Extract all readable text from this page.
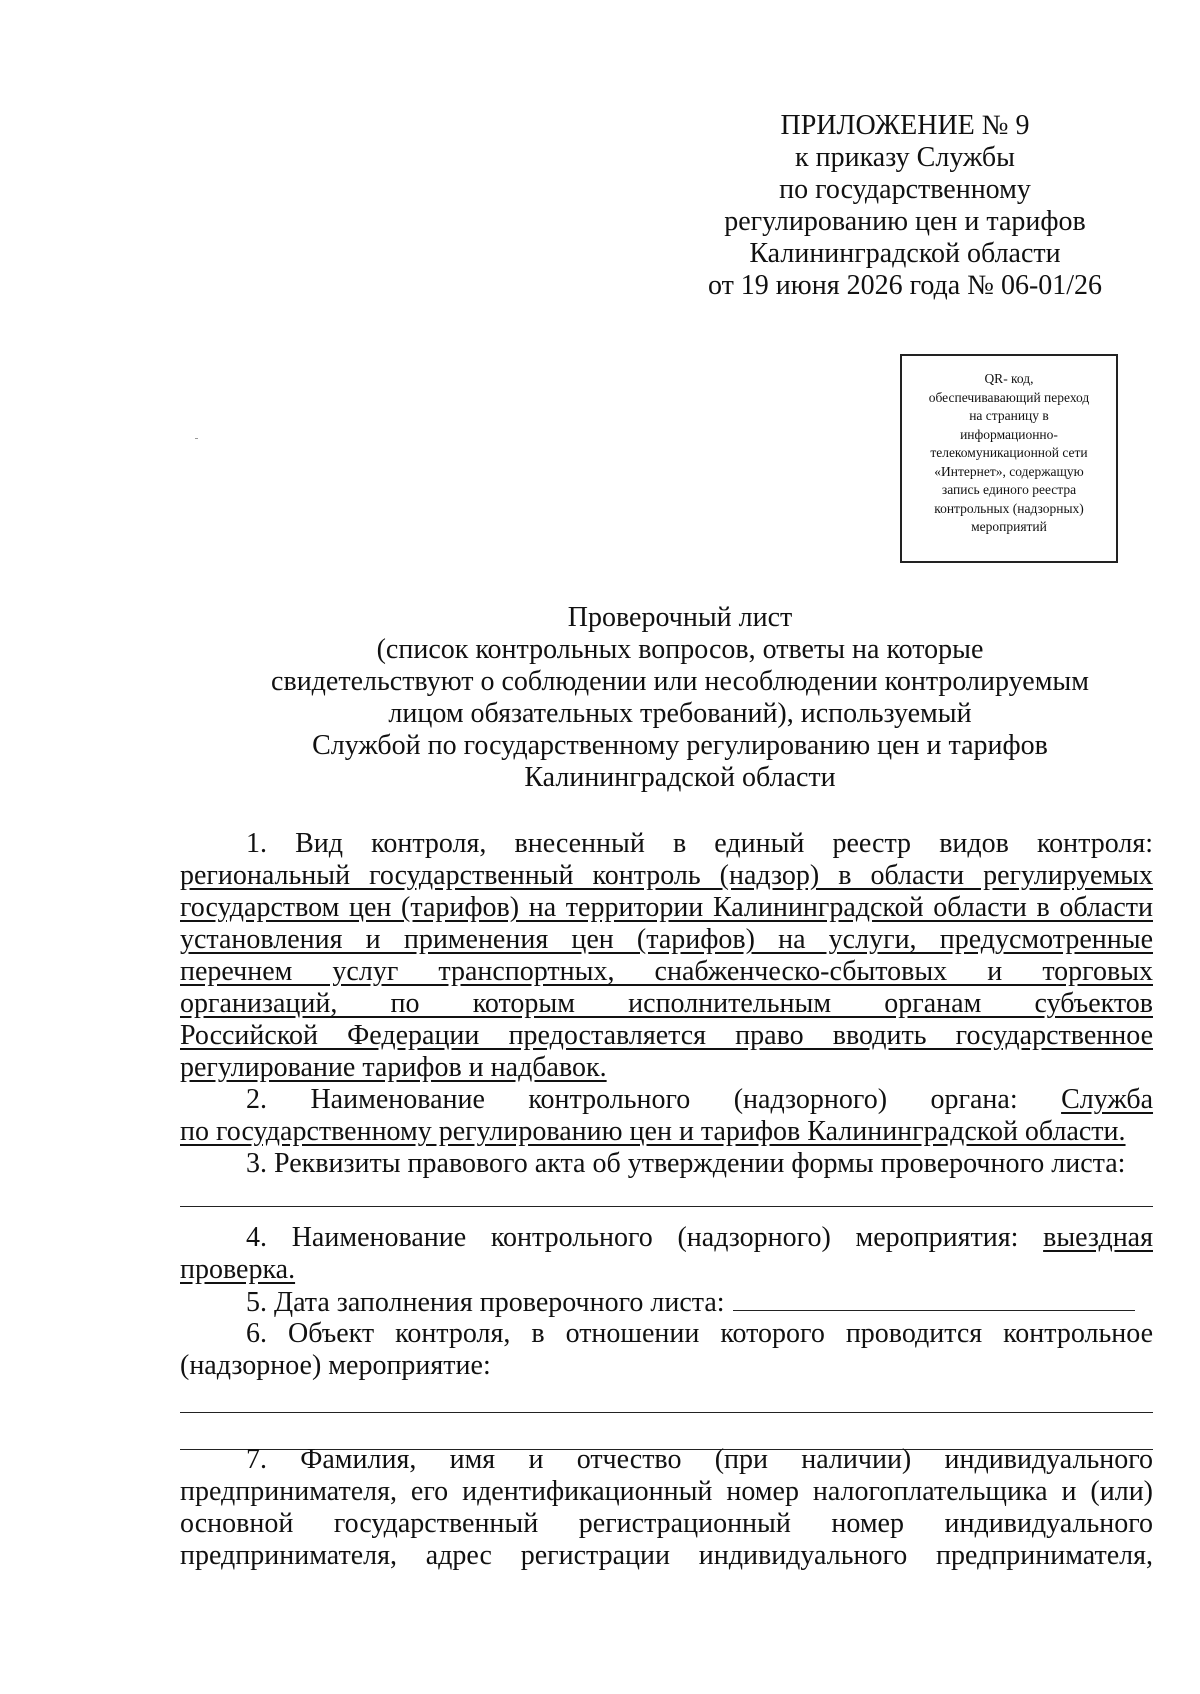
ПРИЛОЖЕНИЕ № 9
к приказу Службы
по государственному
регулированию цен и тарифов
Калининградской области
от 19 июня 2026 года № 06-01/26
QR- код,
обеспечивавающий переход
на страницу в
информационно-
телекомуникационной сети
«Интернет», содержащую
запись единого реестра
контрольных (надзорных)
мероприятий
Проверочный лист
(список контрольных вопросов, ответы на которые
свидетельствуют о соблюдении или несоблюдении контролируемым
лицом обязательных требований), используемый
Службой по государственному регулированию цен и тарифов
Калининградской области
1. Вид контроля, внесенный в единый реестр видов контроля:
региональный государственный контроль (надзор) в области регулируемых
государством цен (тарифов) на территории Калининградской области в области
установления и применения цен (тарифов) на услуги, предусмотренные
перечнем услуг транспортных, снабженческо-сбытовых и торговых
организаций, по которым исполнительным органам субъектов
Российской Федерации предоставляется право вводить государственное
регулирование тарифов и надбавок.
2. Наименование контрольного (надзорного) органа: Служба
по государственному регулированию цен и тарифов Калининградской области.
3. Реквизиты правового акта об утверждении формы проверочного листа:
4. Наименование контрольного (надзорного) мероприятия: выездная
проверка.
5. Дата заполнения проверочного листа:
6. Объект контроля, в отношении которого проводится контрольное
(надзорное) мероприятие:
7. Фамилия, имя и отчество (при наличии) индивидуального
предпринимателя, его идентификационный номер налогоплательщика и (или)
основной государственный регистрационный номер индивидуального
предпринимателя, адрес регистрации индивидуального предпринимателя,
